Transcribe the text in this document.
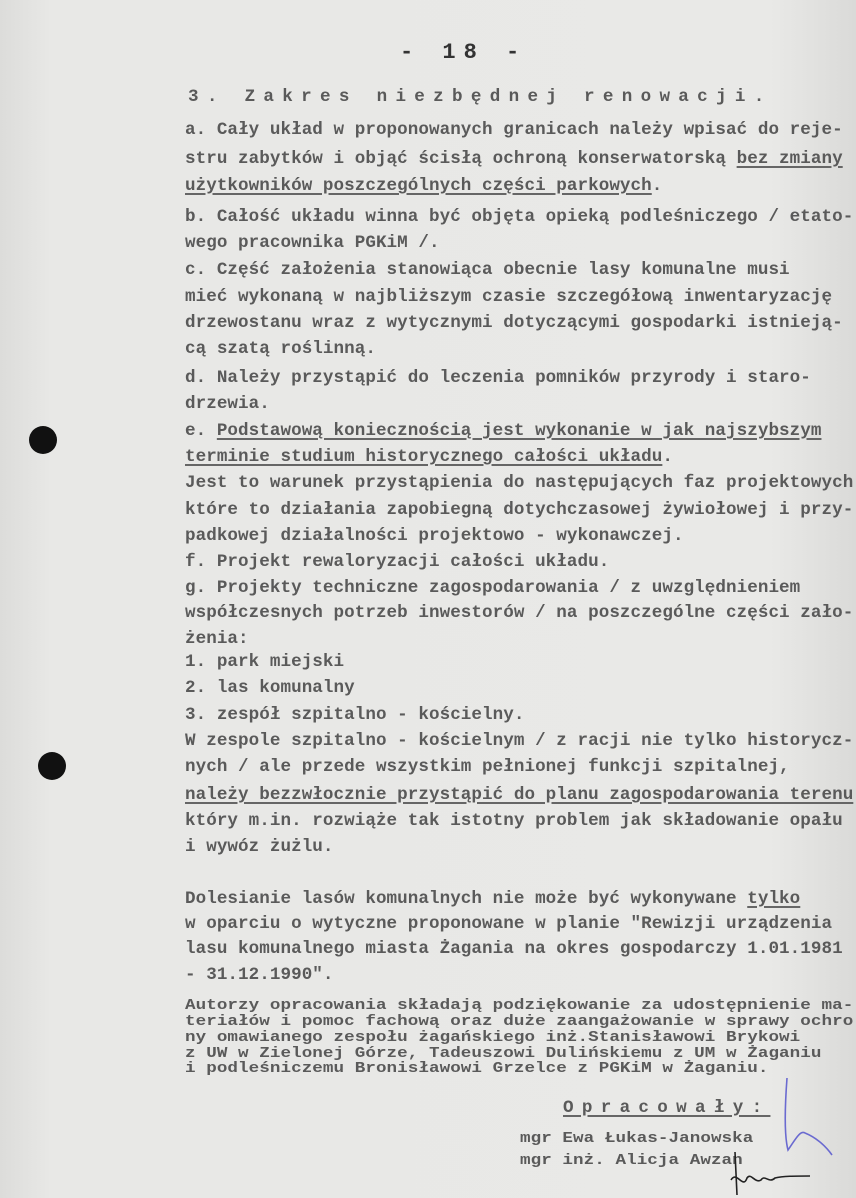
- 18 -
3. Zakres niezbędnej renowacji.
a. Cały układ w proponowanych granicach należy wpisać do reje-
stru zabytków i objąć ścisłą ochroną konserwatorską bez zmiany
użytkowników poszczególnych części parkowych.
b. Całość układu winna być objęta opieką podleśniczego / etato-
wego pracownika PGKiM /.
c. Część założenia stanowiąca obecnie lasy komunalne musi
mieć wykonaną w najbliższym czasie szczegółową inwentaryzację
drzewostanu wraz z wytycznymi dotyczącymi gospodarki istnieją-
cą szatą roślinną.
d. Należy przystąpić do leczenia pomników przyrody i staro-
drzewia.
e. Podstawową koniecznością jest wykonanie w jak najszybszym
terminie studium historycznego całości układu.
Jest to warunek przystąpienia do następujących faz projektowych
które to działania zapobiegną dotychczasowej żywiołowej i przy-
padkowej działalności projektowo - wykonawczej.
f. Projekt rewaloryzacji całości układu.
g. Projekty techniczne zagospodarowania / z uwzględnieniem
współczesnych potrzeb inwestorów / na poszczególne części zało-
żenia:
1. park miejski
2. las komunalny
3. zespół szpitalno - kościelny.
W zespole szpitalno - kościelnym / z racji nie tylko historycz-
nych / ale przede wszystkim pełnionej funkcji szpitalnej,
należy bezzwłocznie przystąpić do planu zagospodarowania terenu
który m.in. rozwiąże tak istotny problem jak składowanie opału
i wywóz żużlu.
Dolesianie lasów komunalnych nie może być wykonywane tylko
w oparciu o wytyczne proponowane w planie "Rewizji urządzenia
lasu komunalnego miasta Żagania na okres gospodarczy 1.01.1981
- 31.12.1990".
Autorzy opracowania składają podziękowanie za udostępnienie ma-
teriałów i pomoc fachową oraz duże zaangażowanie w sprawy ochro
ny omawianego zespołu żagańskiego inż.Stanisławowi Brykowi
z UW w Zielonej Górze, Tadeuszowi Dulińskiemu z UM w Żaganiu
i podleśniczemu Bronisławowi Grzelce z PGKiM w Żaganiu.
Opracowały:
mgr Ewa Łukas-Janowska
mgr inż. Alicja Awzan
